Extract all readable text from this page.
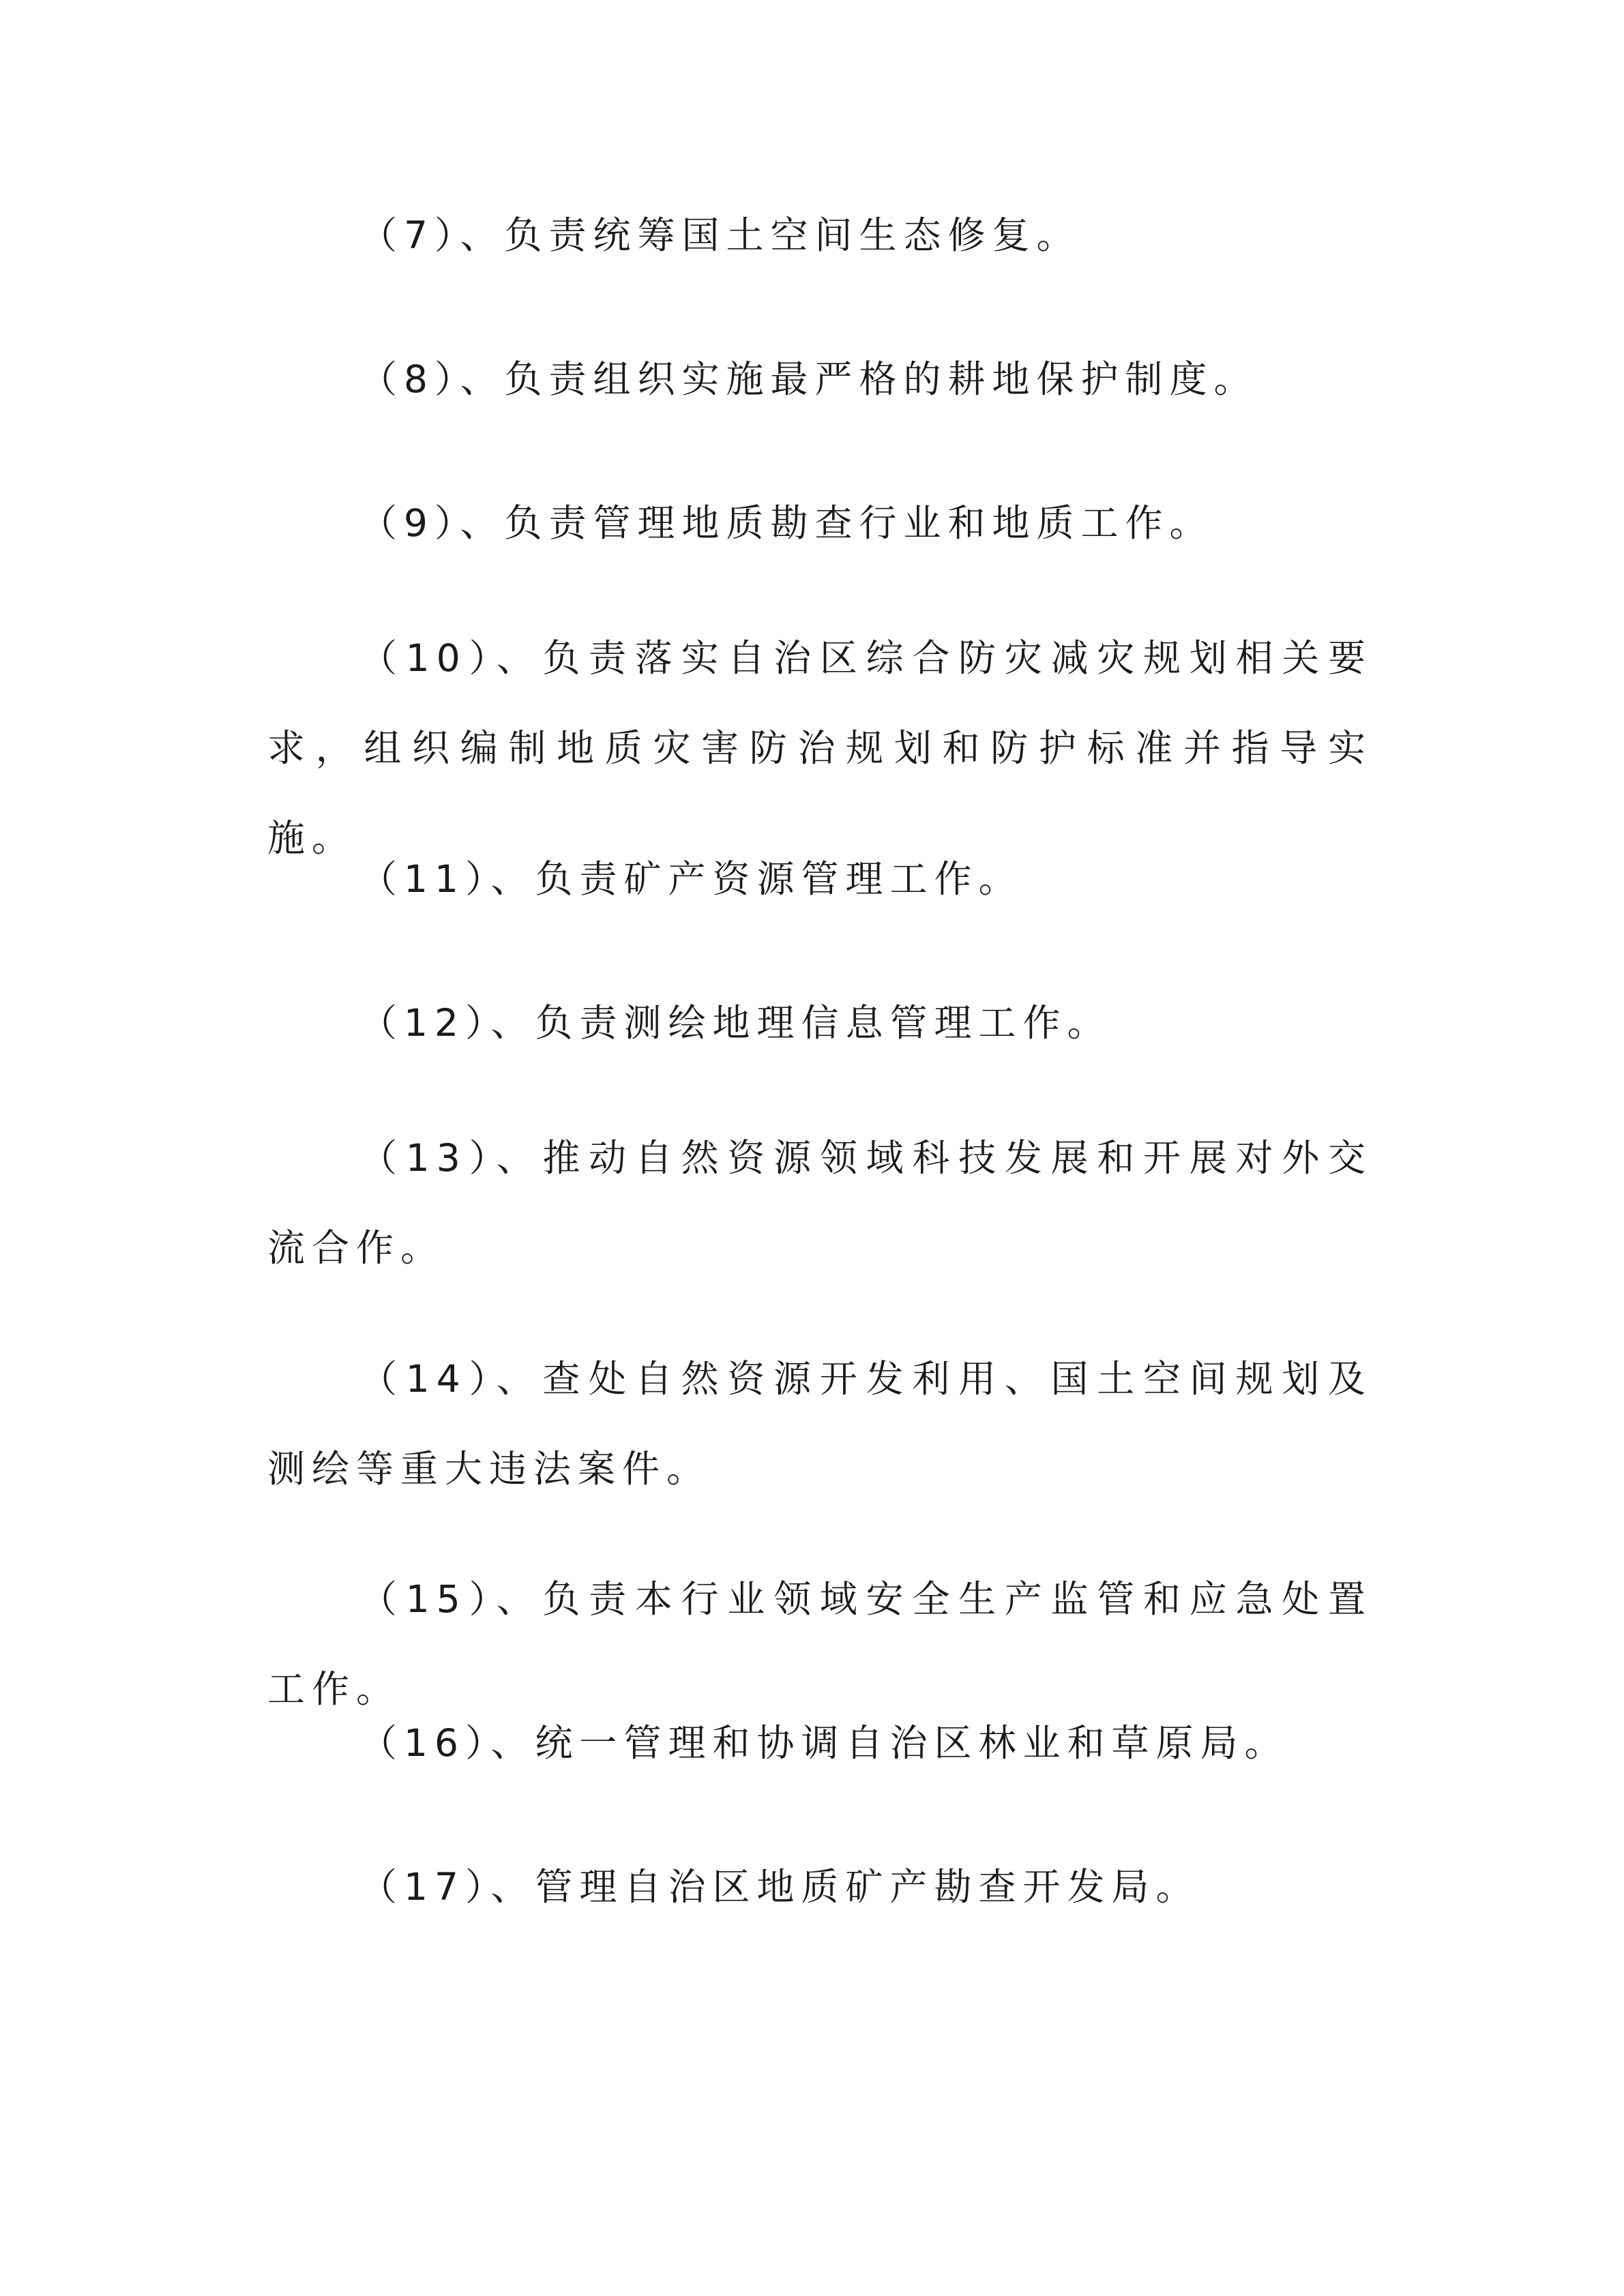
（7）、负责统筹国土空间生态修复。

（8）、负责组织实施最严格的耕地保护制度。

（9）、负责管理地质勘查行业和地质工作。

（10）、负责落实自治区综合防灾减灾规划相关要求，组织编制地质灾害防治规划和防护标准并指导实施。

（11）、负责矿产资源管理工作。

（12）、负责测绘地理信息管理工作。

（13）、推动自然资源领域科技发展和开展对外交流合作。

（14）、查处自然资源开发利用、国土空间规划及测绘等重大违法案件。

（15）、负责本行业领域安全生产监管和应急处置工作。

（16）、统一管理和协调自治区林业和草原局。

（17）、管理自治区地质矿产勘查开发局。
